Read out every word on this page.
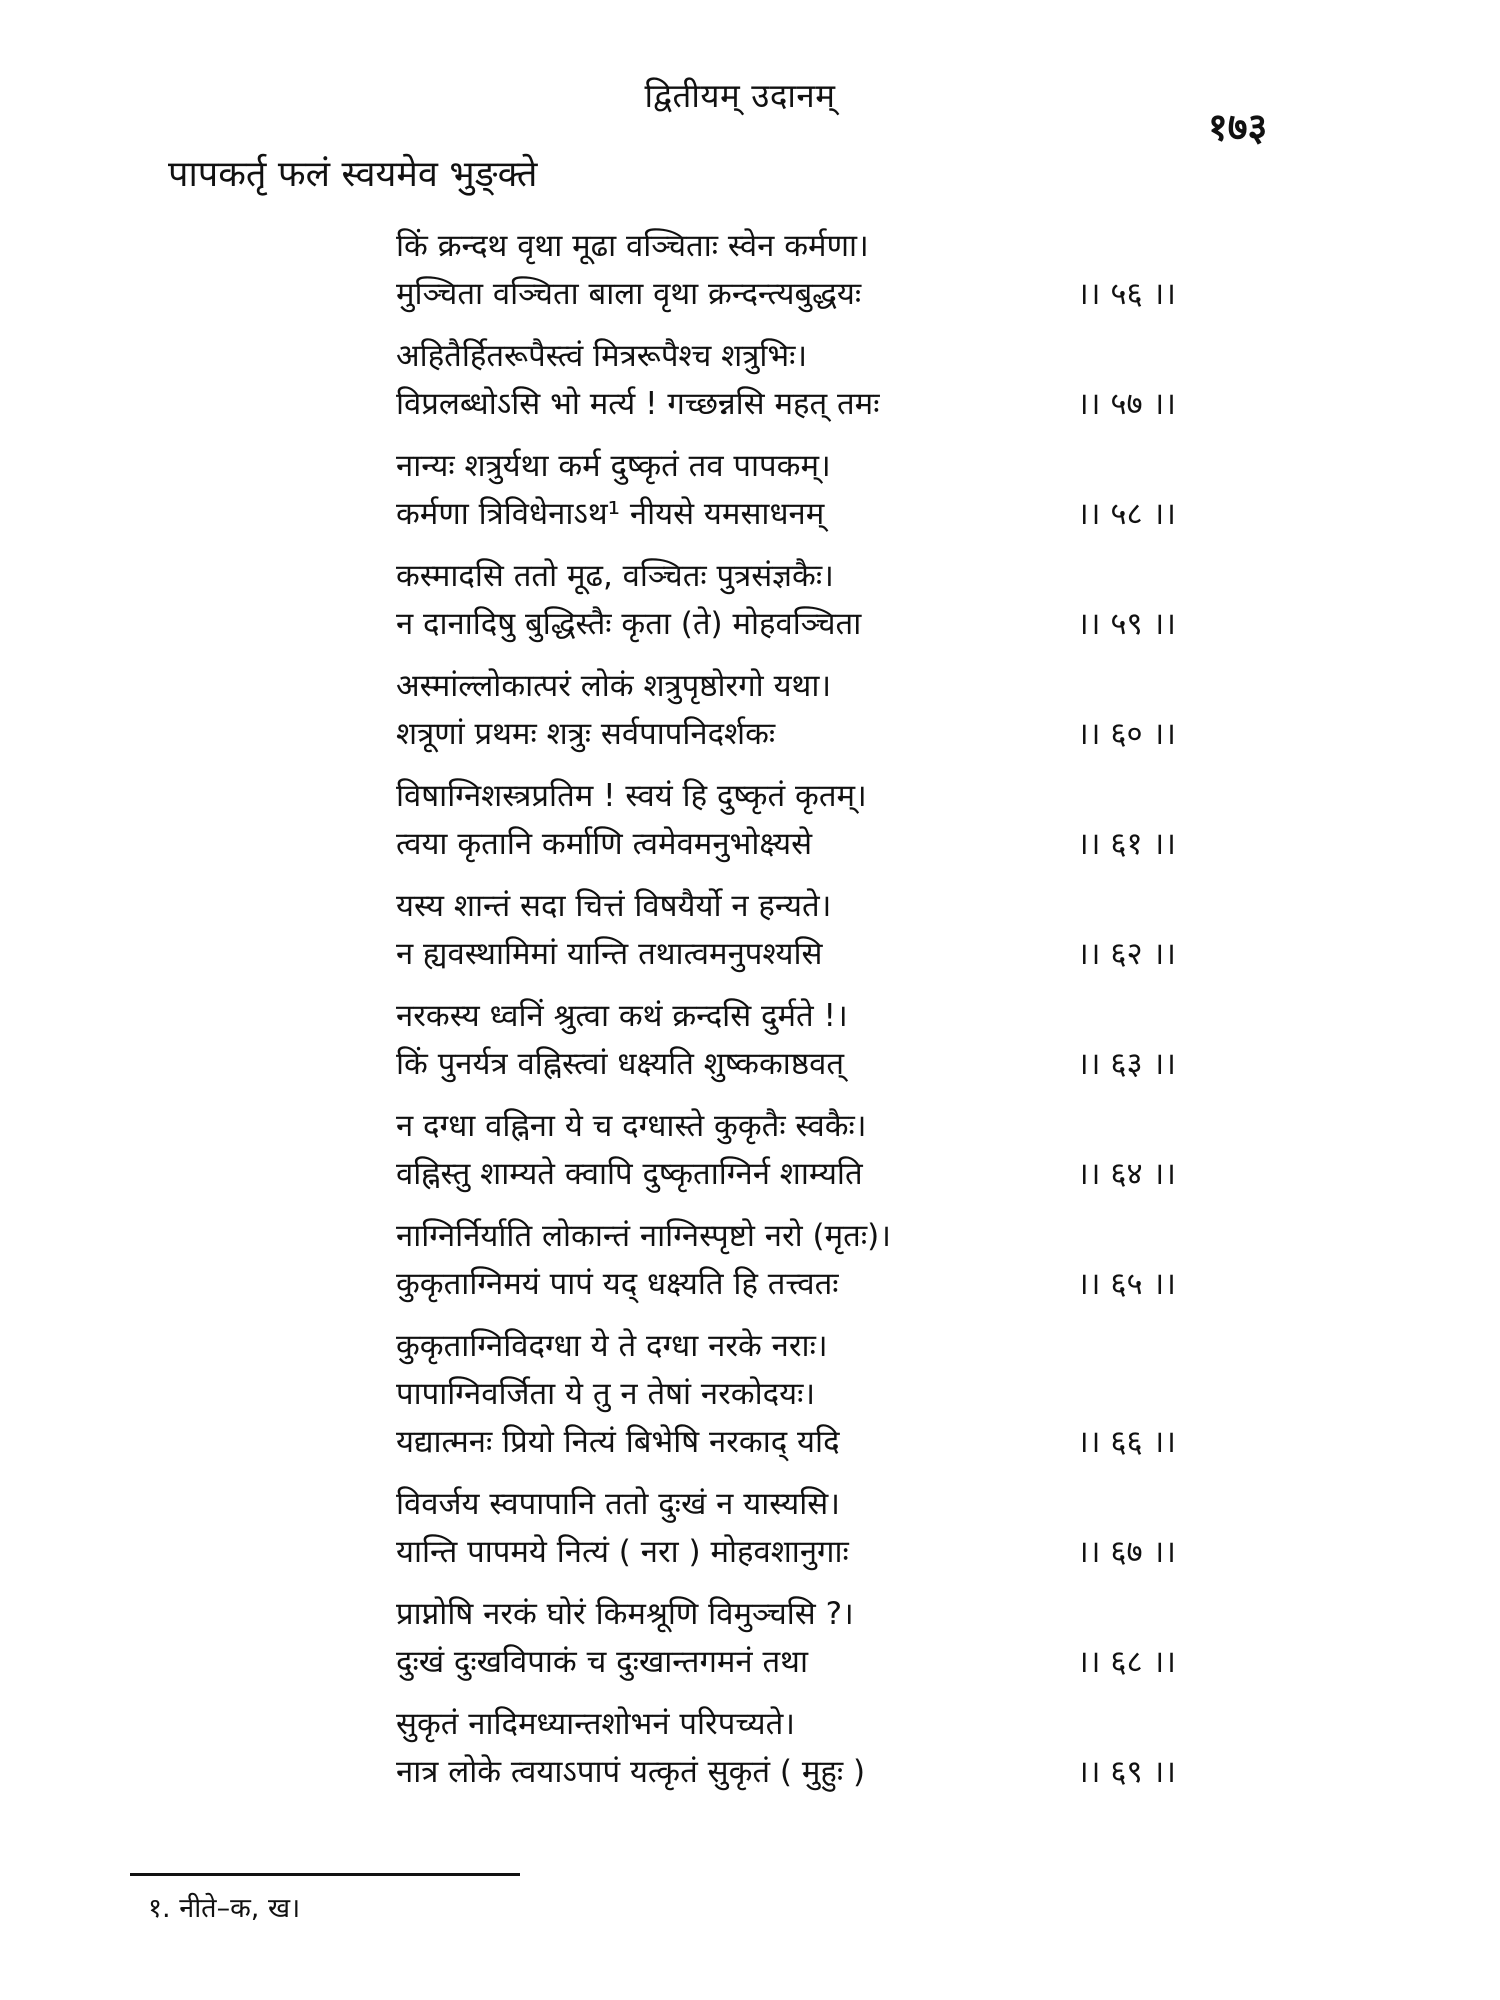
द्वितीयम् उदानम्
१७३
पापकर्तृ फलं स्वयमेव भुङ्क्ते
किं क्रन्दथ वृथा मूढा वञ्चिताः स्वेन कर्मणा।
मुञ्चिता वञ्चिता बाला वृथा क्रन्दन्त्यबुद्धयः	।। ५६ ।।
अहितैर्हितरूपैस्त्वं मित्ररूपैश्च शत्रुभिः।
विप्रलब्धोऽसि भो मर्त्य ! गच्छन्नसि महत् तमः	।। ५७ ।।
नान्यः शत्रुर्यथा कर्म दुष्कृतं तव पापकम्।
कर्मणा त्रिविधेनाऽथ¹ नीयसे यमसाधनम्	।। ५८ ।।
कस्मादसि ततो मूढ, वञ्चितः पुत्रसंज्ञकैः।
न दानादिषु बुद्धिस्तैः कृता (ते) मोहवञ्चिता	।। ५९ ।।
अस्मांल्लोकात्परं लोकं शत्रुपृष्ठोरगो यथा।
शत्रूणां प्रथमः शत्रुः सर्वपापनिदर्शकः	।। ६० ।।
विषाग्निशस्त्रप्रतिम ! स्वयं हि दुष्कृतं कृतम्।
त्वया कृतानि कर्माणि त्वमेवमनुभोक्ष्यसे	।। ६१ ।।
यस्य शान्तं सदा चित्तं विषयैर्यो न हन्यते।
न ह्यवस्थामिमां यान्ति तथात्वमनुपश्यसि	।। ६२ ।।
नरकस्य ध्वनिं श्रुत्वा कथं क्रन्दसि दुर्मते !।
किं पुनर्यत्र वह्निस्त्वां धक्ष्यति शुष्ककाष्ठवत्	।। ६३ ।।
न दग्धा वह्निना ये च दग्धास्ते कुकृतैः स्वकैः।
वह्निस्तु शाम्यते क्वापि दुष्कृताग्निर्न शाम्यति	।। ६४ ।।
नाग्निर्निर्याति लोकान्तं नाग्निस्पृष्टो नरो (मृतः)।
कुकृताग्निमयं पापं यद् धक्ष्यति हि तत्त्वतः	।। ६५ ।।
कुकृताग्निविदग्धा ये ते दग्धा नरके नराः।
पापाग्निवर्जिता ये तु न तेषां नरकोदयः।
यद्यात्मनः प्रियो नित्यं बिभेषि नरकाद् यदि	।। ६६ ।।
विवर्जय स्वपापानि ततो दुःखं न यास्यसि।
यान्ति पापमये नित्यं ( नरा ) मोहवशानुगाः	।। ६७ ।।
प्राप्नोषि नरकं घोरं किमश्रूणि विमुञ्चसि ?।
दुःखं दुःखविपाकं च दुःखान्तगमनं तथा	।। ६८ ।।
सुकृतं नादिमध्यान्तशोभनं परिपच्यते।
नात्र लोके त्वयाऽपापं यत्कृतं सुकृतं ( मुहुः )	।। ६९ ।।
१. नीते–क, ख।
